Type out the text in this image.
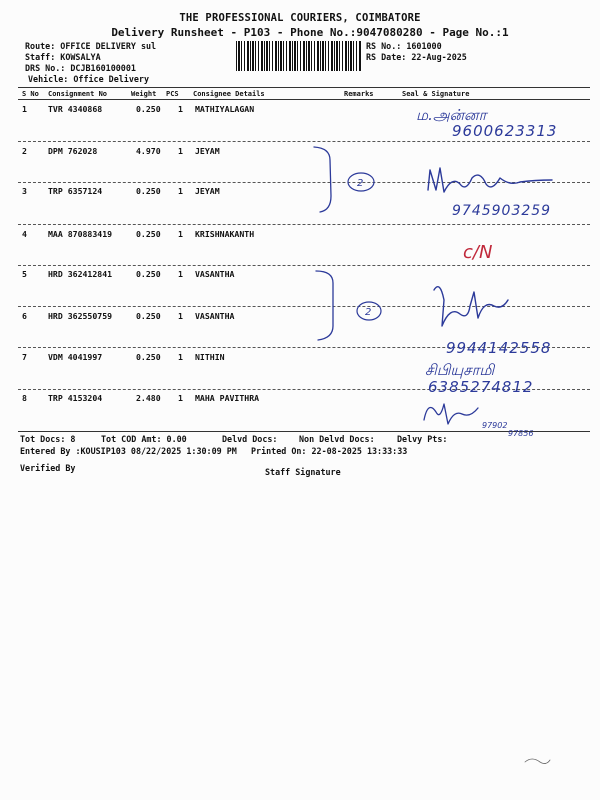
THE PROFESSIONAL COURIERS, COIMBATORE
Delivery Runsheet - P103 - Phone No.:9047080280 - Page No.:1
Route: OFFICE DELIVERY sul
Staff: KOWSALYA
DRS No.: DCJB160100001
Vehicle: Office Delivery
RS No.: 1601000
RS Date: 22-Aug-2025
S No Consignment No	Weight PCS Consignee Details	Remarks	Seal & Signature
1	TVR 4340868	0.250 1 MATHIYALAGAN
2	DPM 762028	4.970 1 JEYAM
3	TRP 6357124	0.250 1 JEYAM
4	MAA 870883419	0.250 1 KRISHNAKANTH
5	HRD 362412841	0.250 1 VASANTHA
6	HRD 362550759	0.250 1 VASANTHA
7	VDM 4041997	0.250 1 NITHIN
8	TRP 4153204	2.480 1 MAHA PAVITHRA
ம.அன்னா
9600623313
9745903259
c/N
9944142558
சிபியுசாமி
6385274812
97902
97856
2
2
Tot Docs: 8	Tot COD Amt: 0.00	Delvd Docs:	Non Delvd Docs:	Delvy Pts:
Entered By :KOUSIP103 08/22/2025 1:30:09 PM Printed On: 22-08-2025 13:33:33
Verified By	Staff Signature
